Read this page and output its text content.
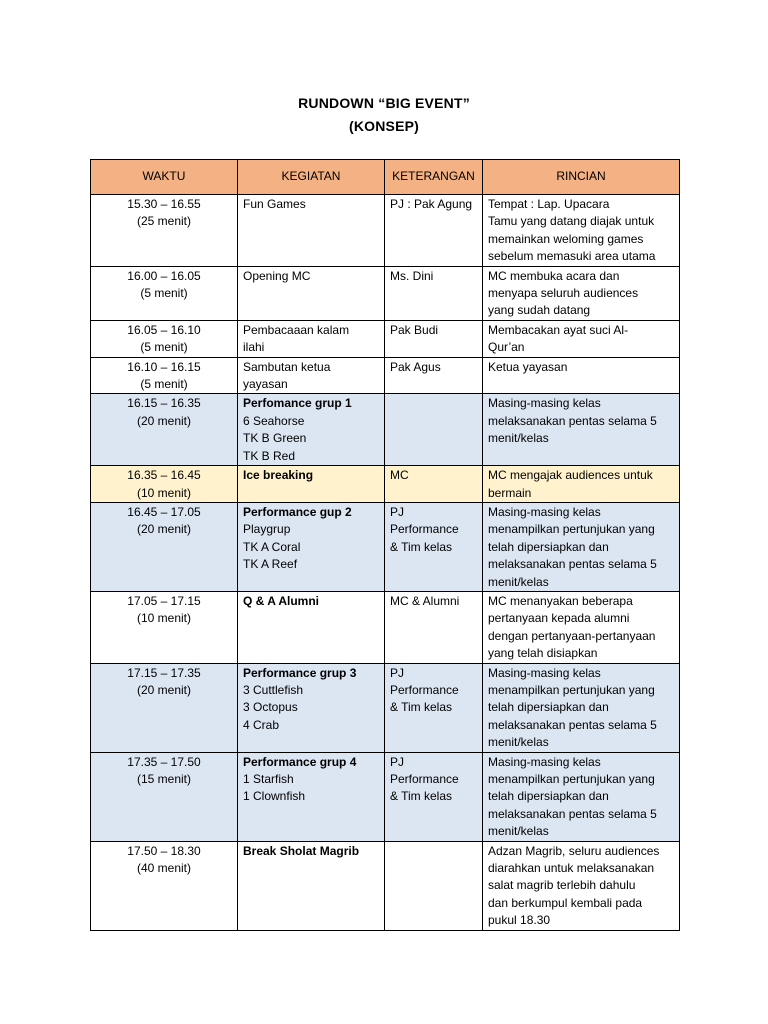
RUNDOWN “BIG EVENT”
(KONSEP)
WAKTU	KEGIATAN	KETERANGAN	RINCIAN

15.30 – 16.55
(25 menit)	Fun Games	PJ : Pak Agung	Tempat : Lap. Upacara
Tamu yang datang diajak untuk
memainkan weloming games
sebelum memasuki area utama

16.00 – 16.05
(5 menit)	Opening MC	Ms. Dini	MC membuka acara dan
menyapa seluruh audiences
yang sudah datang

16.05 – 16.10
(5 menit)	Pembacaaan kalam
ilahi	Pak Budi	Membacakan ayat suci Al-
Qur’an

16.10 – 16.15
(5 menit)	Sambutan ketua
yayasan	Pak Agus	Ketua yayasan

16.15 – 16.35
(20 menit)	Perfomance grup 1
6 Seahorse
TK B Green
TK B Red		Masing-masing kelas
melaksanakan pentas selama 5
menit/kelas

16.35 – 16.45
(10 menit)	Ice breaking	MC	MC mengajak audiences untuk
bermain

16.45 – 17.05
(20 menit)	Performance gup 2
Playgrup
TK A Coral
TK A Reef	PJ
Performance
& Tim kelas	Masing-masing kelas
menampilkan pertunjukan yang
telah dipersiapkan dan
melaksanakan pentas selama 5
menit/kelas

17.05 – 17.15
(10 menit)	Q & A Alumni	MC & Alumni	MC menanyakan beberapa
pertanyaan kepada alumni
dengan pertanyaan-pertanyaan
yang telah disiapkan

17.15 – 17.35
(20 menit)	Performance grup 3
3 Cuttlefish
3 Octopus
4 Crab	PJ
Performance
& Tim kelas	Masing-masing kelas
menampilkan pertunjukan yang
telah dipersiapkan dan
melaksanakan pentas selama 5
menit/kelas

17.35 – 17.50
(15 menit)	Performance grup 4
1 Starfish
1 Clownfish	PJ
Performance
& Tim kelas	Masing-masing kelas
menampilkan pertunjukan yang
telah dipersiapkan dan
melaksanakan pentas selama 5
menit/kelas

17.50 – 18.30
(40 menit)	Break Sholat Magrib		Adzan Magrib, seluru audiences
diarahkan untuk melaksanakan
salat magrib terlebih dahulu
dan berkumpul kembali pada
pukul 18.30
